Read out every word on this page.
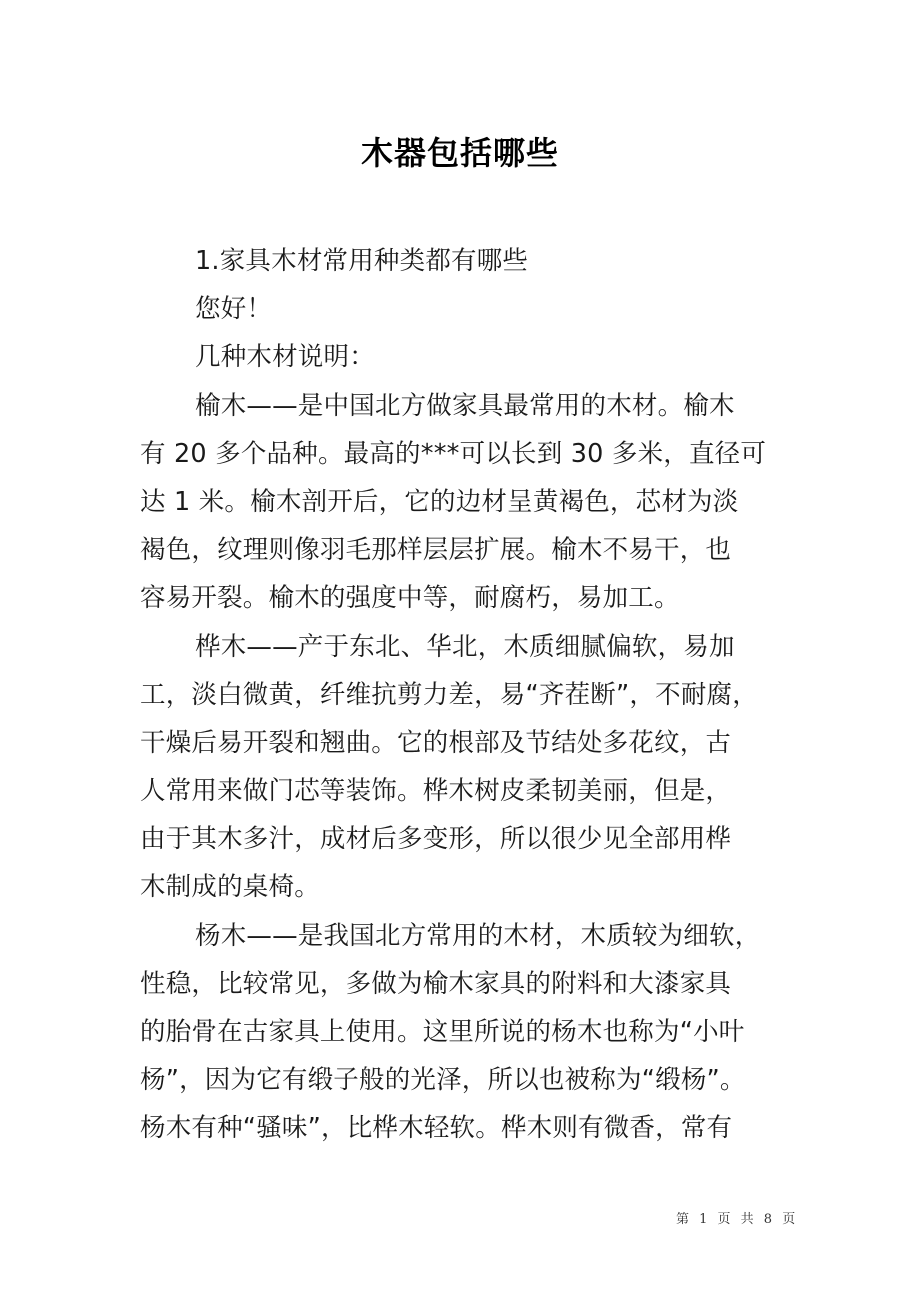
木器包括哪些
1.家具木材常用种类都有哪些
您好！
几种木材说明：
榆木——是中国北方做家具最常用的木材。榆木
有 20 多个品种。最高的***可以长到 30 多米，直径可
达 1 米。榆木剖开后，它的边材呈黄褐色，芯材为淡
褐色，纹理则像羽毛那样层层扩展。榆木不易干，也
容易开裂。榆木的强度中等，耐腐朽，易加工。
桦木——产于东北、华北，木质细腻偏软，易加
工，淡白微黄，纤维抗剪力差，易“齐茬断”，不耐腐，
干燥后易开裂和翘曲。它的根部及节结处多花纹，古
人常用来做门芯等装饰。桦木树皮柔韧美丽，但是，
由于其木多汁，成材后多变形，所以很少见全部用桦
木制成的桌椅。
杨木——是我国北方常用的木材，木质较为细软，
性稳，比较常见，多做为榆木家具的附料和大漆家具
的胎骨在古家具上使用。这里所说的杨木也称为“小叶
杨”，因为它有缎子般的光泽，所以也被称为“缎杨”。
杨木有种“骚味”，比桦木轻软。桦木则有微香，常有
第 1 页 共 8 页
